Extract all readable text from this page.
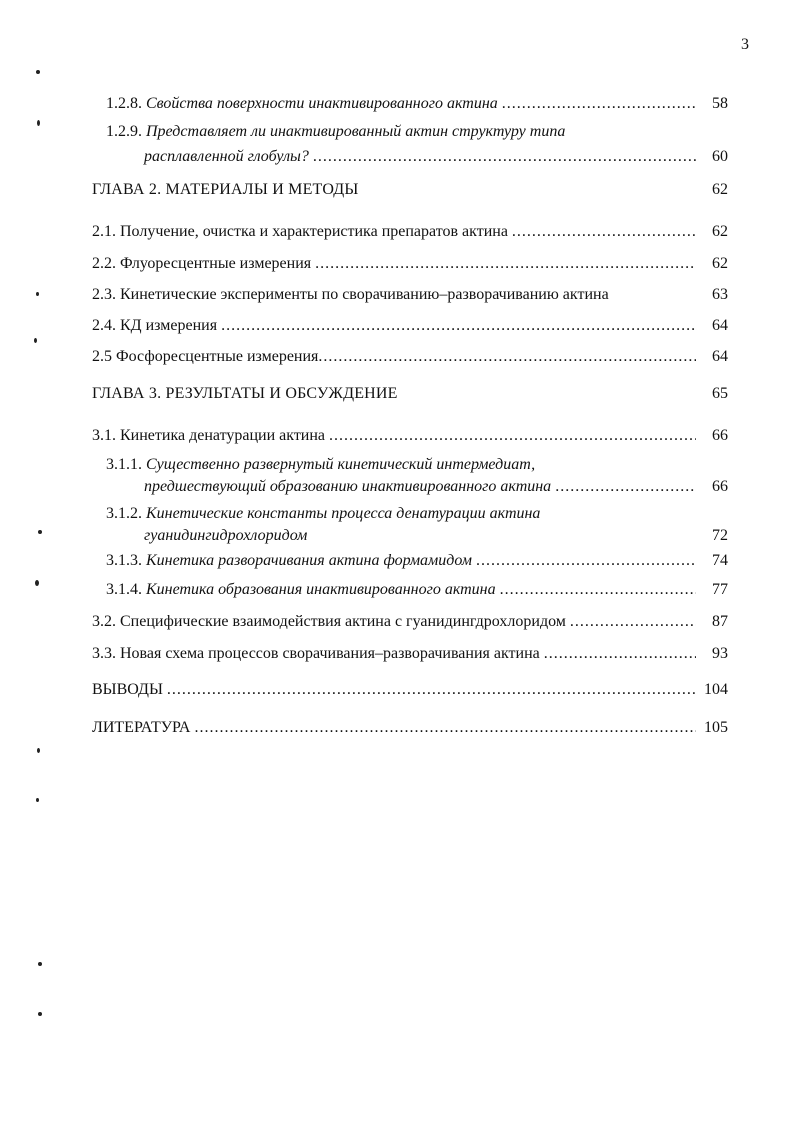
3
1.2.8.
Свойства поверхности инактивированного актина .....	58
1.2.9.
Представляет ли инактивированный актин структуру типа
расплавленной глобулы? .....	60
ГЛАВА 2. МАТЕРИАЛЫ И МЕТОДЫ	62
2.1. Получение, очистка и характеристика препаратов актина .....	62
2.2. Флуоресцентные измерения .....	62
2.3. Кинетические эксперименты по сворачиванию–разворачиванию актина	63
2.4. КД измерения .....	64
2.5 Фосфоресцентные измерения .....	64
ГЛАВА 3. РЕЗУЛЬТАТЫ И ОБСУЖДЕНИЕ	65
3.1. Кинетика денатурации актина .....	66
3.1.1.
Существенно развернутый кинетический интермедиат,
предшествующий образованию инактивированного актина .....	66
3.1.2.
Кинетические константы процесса денатурации актина
гуанидингидрохлоридом	72
3.1.3.
Кинетика разворачивания актина формамидом .....	74
3.1.4.
Кинетика образования инактивированного актина .....	77
3.2. Специфические взаимодействия актина с гуанидингдрохлоридом .....	87
3.3. Новая схема процессов сворачивания–разворачивания актина .....	93
ВЫВОДЫ .....	104
ЛИТЕРАТУРА .....	105
